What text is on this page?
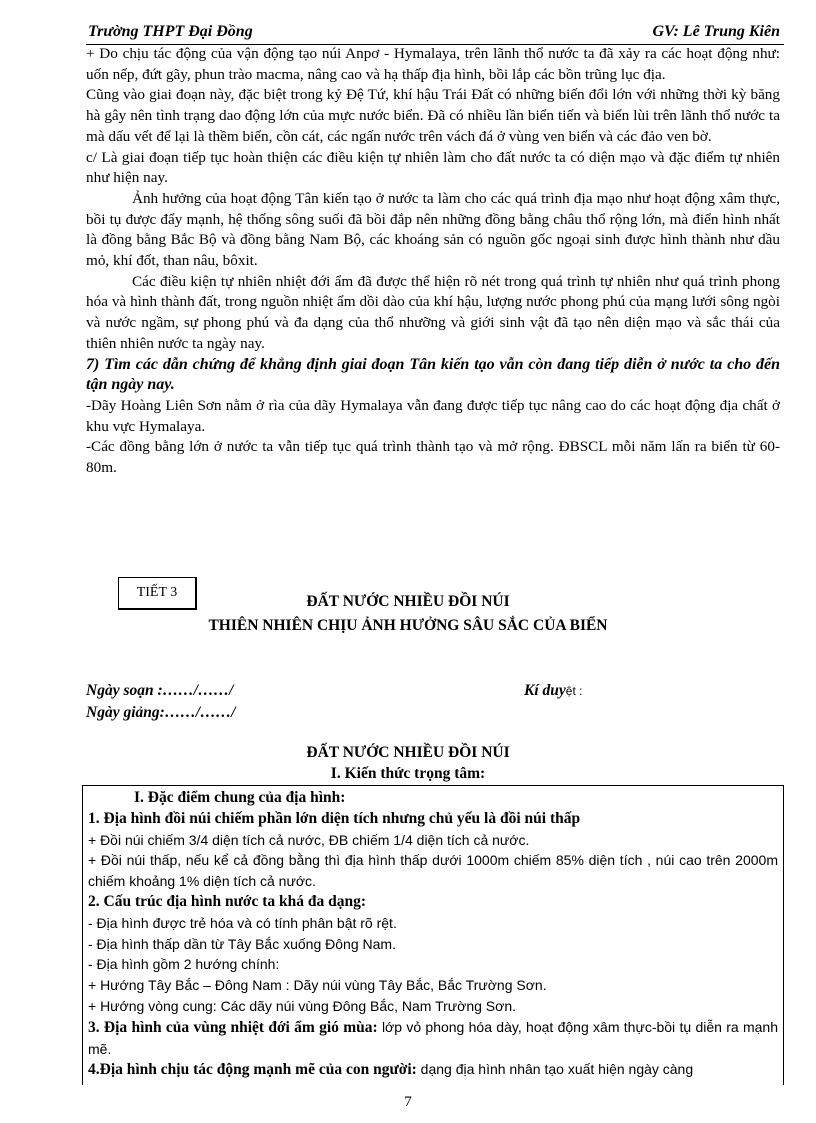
Trường THPT Đại Đồng	GV: Lê Trung Kiên

+ Do chịu tác động của vận động tạo núi Anpơ - Hymalaya, trên lãnh thổ nước ta đã xảy ra các hoạt động như: uốn nếp, đứt gãy, phun trào macma, nâng cao và hạ thấp địa hình, bồi lắp các bồn trũng lục địa.

Cũng vào giai đoạn này, đặc biệt trong kỷ Đệ Tứ, khí hậu Trái Đất có những biến đổi lớn với những thời kỳ băng hà gây nên tình trạng dao động lớn của mực nước biển. Đã có nhiều lần biển tiến và biển lùi trên lãnh thổ nước ta mà dấu vết để lại là thềm biển, cồn cát, các ngấn nước trên vách đá ở vùng ven biển và các đảo ven bờ.

c/ Là giai đoạn tiếp tục hoàn thiện các điều kiện tự nhiên làm cho đất nước ta có diện mạo và đặc điểm tự nhiên như hiện nay.

Ảnh hưởng của hoạt động Tân kiến tạo ở nước ta làm cho các quá trình địa mạo như hoạt động xâm thực, bồi tụ được đẩy mạnh, hệ thống sông suối đã bồi đắp nên những đồng bằng châu thổ rộng lớn, mà điển hình nhất là đồng bằng Bắc Bộ và đồng bằng Nam Bộ, các khoáng sản có nguồn gốc ngoại sinh được hình thành như dầu mỏ, khí đốt, than nâu, bôxit.

Các điều kiện tự nhiên nhiệt đới ẩm đã được thể hiện rõ nét trong quá trình tự nhiên như quá trình phong hóa và hình thành đất, trong nguồn nhiệt ẩm dồi dào của khí hậu, lượng nước phong phú của mạng lưới sông ngòi và nước ngầm, sự phong phú và đa dạng của thổ nhưỡng và giới sinh vật đã tạo nên diện mạo và sắc thái của thiên nhiên nước ta ngày nay.

7) Tìm các dẫn chứng để khẳng định giai đoạn Tân kiến tạo vẫn còn đang tiếp diễn ở nước ta cho đến tận ngày nay.

-Dãy Hoàng Liên Sơn nằm ở rìa của dãy Hymalaya vẫn đang được tiếp tục nâng cao do các hoạt động địa chất ở khu vực Hymalaya.

-Các đồng bằng lớn ở nước ta vẫn tiếp tục quá trình thành tạo và mở rộng. ĐBSCL mỗi năm lấn ra biển từ 60-80m.

TIẾT 3
ĐẤT NƯỚC NHIỀU ĐỒI NÚI
THIÊN NHIÊN CHỊU ẢNH HƯỞNG SÂU SẮC CỦA BIỂN
Ngày soạn :……/……/
Ngày giảng:……/……/
Kí duyệt :
ĐẤT NƯỚC NHIỀU ĐỒI NÚI
I. Kiến thức trọng tâm:

I. Đặc điểm chung của địa hình:

1. Địa hình đồi núi chiếm phần lớn diện tích nhưng chủ yếu là đồi núi thấp

+ Đồi núi chiếm 3/4 diện tích cả nước, ĐB chiếm 1/4 diện tích cả nước.

+ Đồi núi thấp, nếu kể cả đồng bằng thì địa hình thấp dưới 1000m chiếm 85% diện tích , núi cao trên 2000m chiếm khoảng 1% diện tích cả nước.

2. Cấu trúc địa hình nước ta khá đa dạng:

- Địa hình được trẻ hóa và có tính phân bật rõ rệt.

- Địa hình thấp dần từ Tây Bắc xuống Đông Nam.

- Địa hình gồm 2 hướng chính:

+ Hướng Tây Bắc – Đông Nam : Dãy núi vùng Tây Bắc, Bắc Trường Sơn.

+ Hướng vòng cung: Các dãy núi vùng Đông Bắc, Nam Trường Sơn.

3. Địa hình của vùng nhiệt đới ẩm gió mùa: lớp vỏ phong hóa dày, hoạt động xâm thực-bồi tụ diễn ra mạnh mẽ.

4.Địa hình chịu tác động mạnh mẽ của con người: dạng địa hình nhân tạo xuất hiện ngày càng

7
